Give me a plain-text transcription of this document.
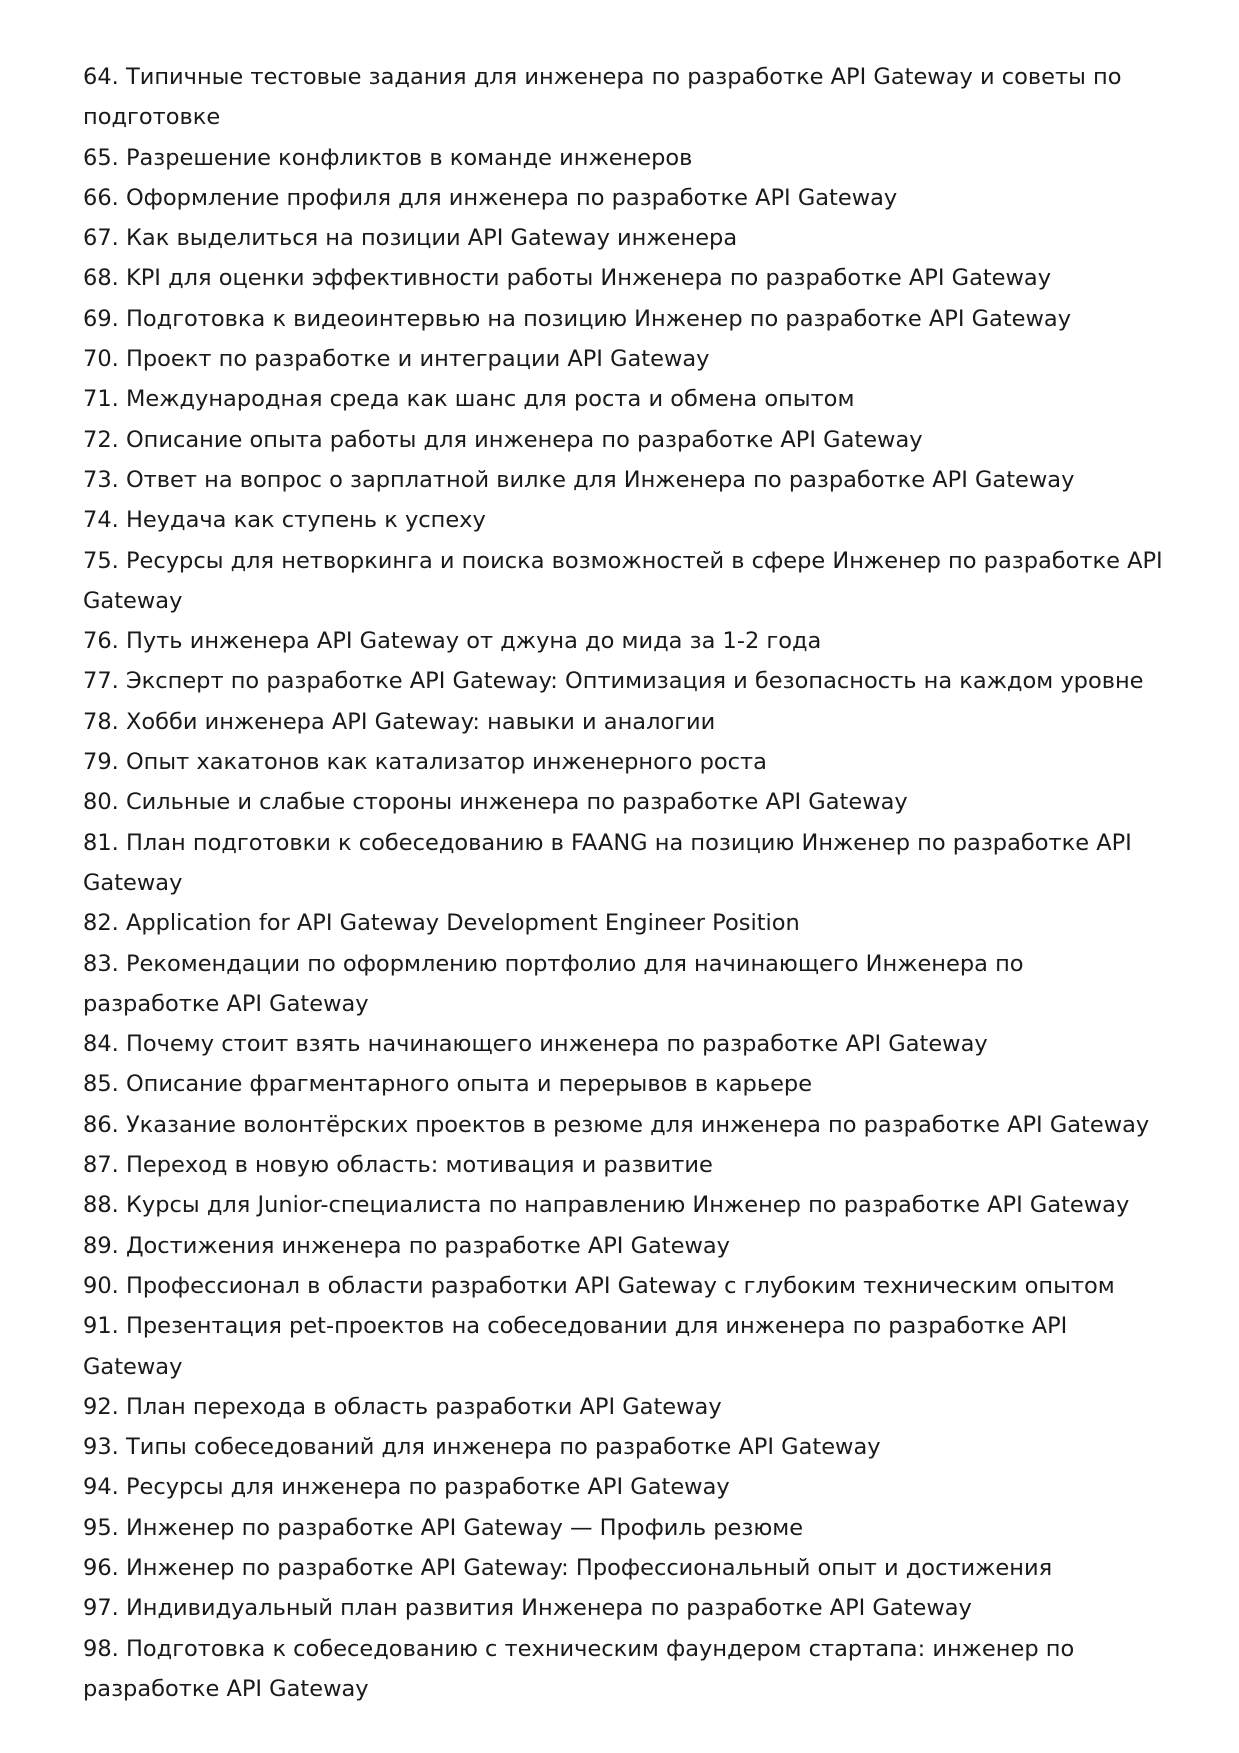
64. Типичные тестовые задания для инженера по разработке API Gateway и советы по подготовке
65. Разрешение конфликтов в команде инженеров
66. Оформление профиля для инженера по разработке API Gateway
67. Как выделиться на позиции API Gateway инженера
68. KPI для оценки эффективности работы Инженера по разработке API Gateway
69. Подготовка к видеоинтервью на позицию Инженер по разработке API Gateway
70. Проект по разработке и интеграции API Gateway
71. Международная среда как шанс для роста и обмена опытом
72. Описание опыта работы для инженера по разработке API Gateway
73. Ответ на вопрос о зарплатной вилке для Инженера по разработке API Gateway
74. Неудача как ступень к успеху
75. Ресурсы для нетворкинга и поиска возможностей в сфере Инженер по разработке API Gateway
76. Путь инженера API Gateway от джуна до мида за 1-2 года
77. Эксперт по разработке API Gateway: Оптимизация и безопасность на каждом уровне
78. Хобби инженера API Gateway: навыки и аналогии
79. Опыт хакатонов как катализатор инженерного роста
80. Сильные и слабые стороны инженера по разработке API Gateway
81. План подготовки к собеседованию в FAANG на позицию Инженер по разработке API Gateway
82. Application for API Gateway Development Engineer Position
83. Рекомендации по оформлению портфолио для начинающего Инженера по разработке API Gateway
84. Почему стоит взять начинающего инженера по разработке API Gateway
85. Описание фрагментарного опыта и перерывов в карьере
86. Указание волонтёрских проектов в резюме для инженера по разработке API Gateway
87. Переход в новую область: мотивация и развитие
88. Курсы для Junior-специалиста по направлению Инженер по разработке API Gateway
89. Достижения инженера по разработке API Gateway
90. Профессионал в области разработки API Gateway с глубоким техническим опытом
91. Презентация pet-проектов на собеседовании для инженера по разработке API Gateway
92. План перехода в область разработки API Gateway
93. Типы собеседований для инженера по разработке API Gateway
94. Ресурсы для инженера по разработке API Gateway
95. Инженер по разработке API Gateway — Профиль резюме
96. Инженер по разработке API Gateway: Профессиональный опыт и достижения
97. Индивидуальный план развития Инженера по разработке API Gateway
98. Подготовка к собеседованию с техническим фаундером стартапа: инженер по разработке API Gateway
